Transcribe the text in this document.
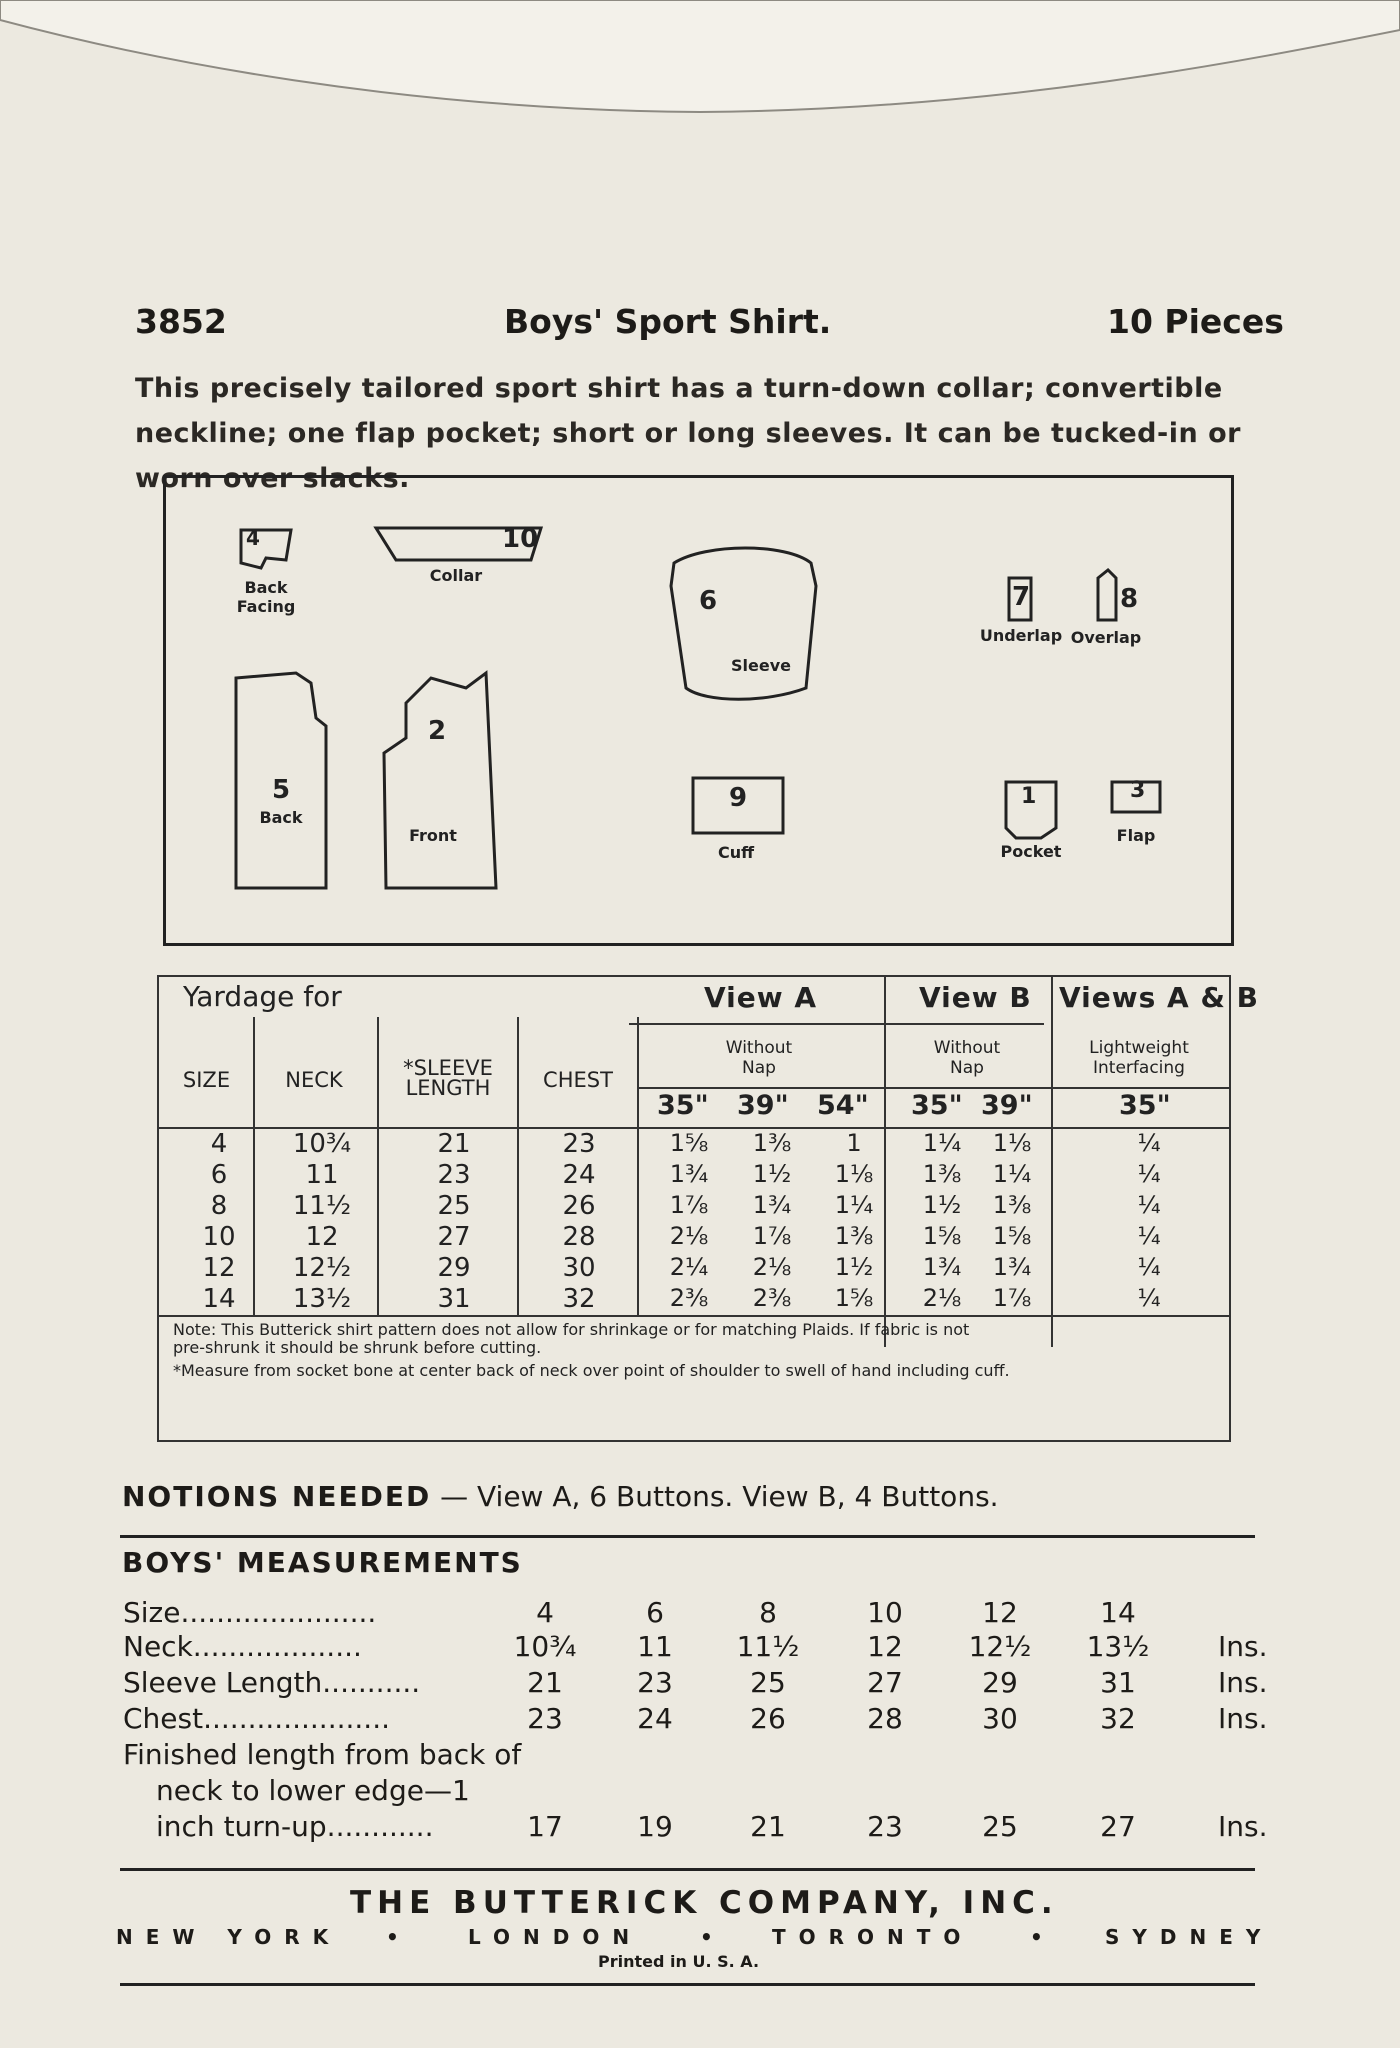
3852	Boys' Sport Shirt.	10 Pieces
This precisely tailored sport shirt has a turn-down collar; convertible neckline; one flap pocket; short or long sleeves. It can be tucked-in or worn over slacks.
4
Back Facing
10
Collar
6
Sleeve
7
Underlap
8
Overlap
5
Back
2
Front
9
Cuff
1
Pocket
3
Flap
Yardage for	View A	View B Views A & B
SIZE	NECK	*SLEEVE
LENGTH	CHEST
Without
Nap
Without
Nap
Lightweight
Interfacing
35" 39" 54" 35" 39"	35"
4	10¾	21	23	1⅝	1⅜	1	1¼	1⅛	¼
6	11	23	24	1¾	1½	1⅛	1⅜	1¼	¼
8	11½	25	26	1⅞	1¾	1¼	1½	1⅜	¼
10	12	27	28	2⅛	1⅞	1⅜	1⅝	1⅝	¼
12	12½	29	30	2¼	2⅛	1½	1¾	1¾	¼
14	13½	31	32	2⅜	2⅜	1⅝	2⅛	1⅞	¼
Note: This Butterick shirt pattern does not allow for shrinkage or for matching Plaids. If fabric is not
pre-shrunk it should be shrunk before cutting.
*Measure from socket bone at center back of neck over point of shoulder to swell of hand including cuff.
NOTIONS NEEDED — View A, 6 Buttons. View B, 4 Buttons.
BOYS' MEASUREMENTS
Size......................	4	6	8	10	12	14
Neck...................	10¾	11	11½	12	12½	13½	Ins.
Sleeve Length...........	21	23	25	27	29	31	Ins.
Chest.....................	23	24	26	28	30	32	Ins.
Finished length from back of
neck to lower edge—1
inch turn-up............	17	19	21	23	25	27	Ins.
THE BUTTERICK COMPANY, INC.
NEW YORK •	LONDON	• TORONTO	• SYDNEY
Printed in U. S. A.
